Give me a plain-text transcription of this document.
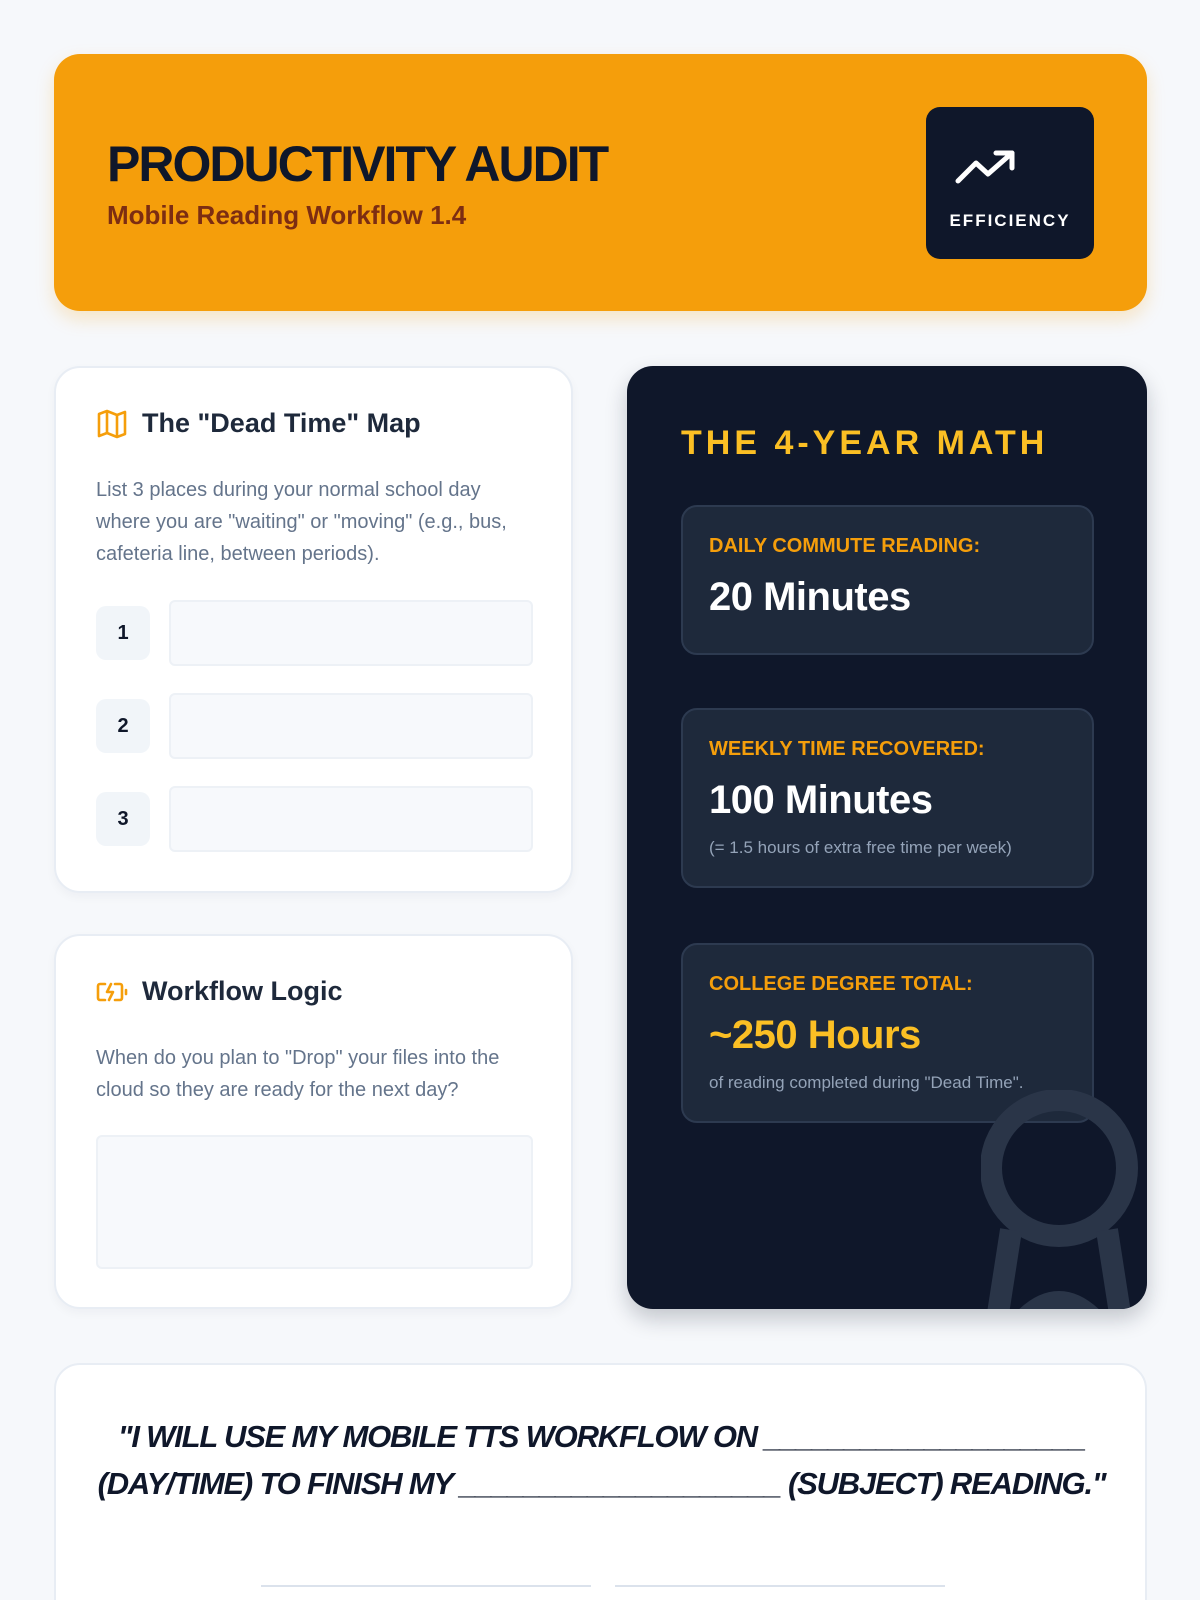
PRODUCTIVITY AUDIT
Mobile Reading Workflow 1.4	EFFICIENCY
The "Dead Time" Map
List 3 places during your normal school day where you are "waiting" or "moving" (e.g., bus, cafeteria line, between periods).
1
2
3
Workflow Logic
When do you plan to "Drop" your files into the cloud so they are ready for the next day?
THE 4-YEAR MATH
DAILY COMMUTE READING:
20 Minutes
WEEKLY TIME RECOVERED:
100 Minutes
(= 1.5 hours of extra free time per week)
COLLEGE DEGREE TOTAL:
~250 Hours
of reading completed during "Dead Time".
"I WILL USE MY MOBILE TTS WORKFLOW ON ____________________ (DAY/TIME) TO FINISH MY ____________________ (SUBJECT) READING."
